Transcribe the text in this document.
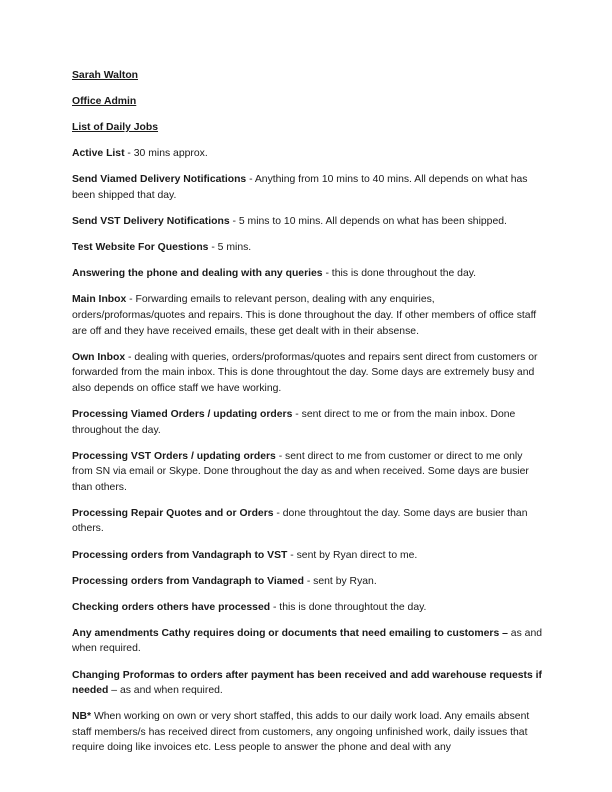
Sarah Walton
Office Admin
List of Daily Jobs

Active List - 30 mins approx.

Send Viamed Delivery Notifications - Anything from 10 mins to 40 mins. All depends on what has been shipped that day.

Send VST Delivery Notifications - 5 mins to 10 mins. All depends on what has been shipped.

Test Website For Questions - 5 mins.

Answering the phone and dealing with any queries - this is done throughout the day.

Main Inbox - Forwarding emails to relevant person, dealing with any enquiries, orders/proformas/quotes and repairs. This is done throughout the day. If other members of office staff are off and they have received emails, these get dealt with in their absense.

Own Inbox - dealing with queries, orders/proformas/quotes and repairs sent direct from customers or forwarded from the main inbox. This is done throughtout the day. Some days are extremely busy and also depends on office staff we have working.

Processing Viamed Orders / updating orders - sent direct to me or from the main inbox. Done throughout the day.

Processing VST Orders / updating orders - sent direct to me from customer or direct to me only from SN via email or Skype. Done throughout the day as and when received. Some days are busier than others.

Processing Repair Quotes and or Orders - done throughtout the day. Some days are busier than others.

Processing orders from Vandagraph to VST - sent by Ryan direct to me.

Processing orders from Vandagraph to Viamed - sent by Ryan.

Checking orders others have processed - this is done throughtout the day.

Any amendments Cathy requires doing or documents that need emailing to customers – as and when required.

Changing Proformas to orders after payment has been received and add warehouse requests if needed – as and when required.

NB* When working on own or very short staffed, this adds to our daily work load. Any emails absent staff members/s has received direct from customers, any ongoing unfinished work, daily issues that require doing like invoices etc. Less people to answer the phone and deal with any
